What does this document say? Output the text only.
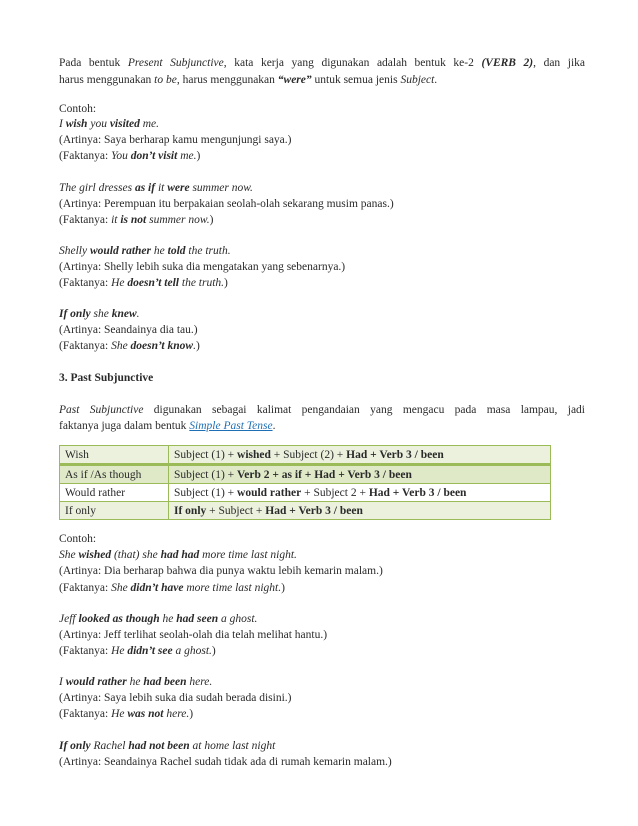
Pada bentuk Present Subjunctive, kata kerja yang digunakan adalah bentuk ke-2 (VERB 2), dan jika
harus menggunakan to be, harus menggunakan “were” untuk semua jenis Subject.
Contoh:
I wish you visited me.
(Artinya: Saya berharap kamu mengunjungi saya.)
(Faktanya: You don’t visit me.)
The girl dresses as if it were summer now.
(Artinya: Perempuan itu berpakaian seolah-olah sekarang musim panas.)
(Faktanya: it is not summer now.)
Shelly would rather he told the truth.
(Artinya: Shelly lebih suka dia mengatakan yang sebenarnya.)
(Faktanya: He doesn’t tell the truth.)
If only she knew.
(Artinya: Seandainya dia tau.)
(Faktanya: She doesn’t know.)
3. Past Subjunctive
Past Subjunctive digunakan sebagai kalimat pengandaian yang mengacu pada masa lampau, jadi
faktanya juga dalam bentuk Simple Past Tense.
Wish	Subject (1) + wished + Subject (2) + Had + Verb 3 / been
As if /As though	Subject (1) + Verb 2 + as if + Had + Verb 3 / been
Would rather	Subject (1) + would rather + Subject 2 + Had + Verb 3 / been
If only	If only + Subject + Had + Verb 3 / been
Contoh:
She wished (that) she had had more time last night.
(Artinya: Dia berharap bahwa dia punya waktu lebih kemarin malam.)
(Faktanya: She didn’t have more time last night.)
Jeff looked as though he had seen a ghost.
(Artinya: Jeff terlihat seolah-olah dia telah melihat hantu.)
(Faktanya: He didn’t see a ghost.)
I would rather he had been here.
(Artinya: Saya lebih suka dia sudah berada disini.)
(Faktanya: He was not here.)
If only Rachel had not been at home last night
(Artinya: Seandainya Rachel sudah tidak ada di rumah kemarin malam.)
